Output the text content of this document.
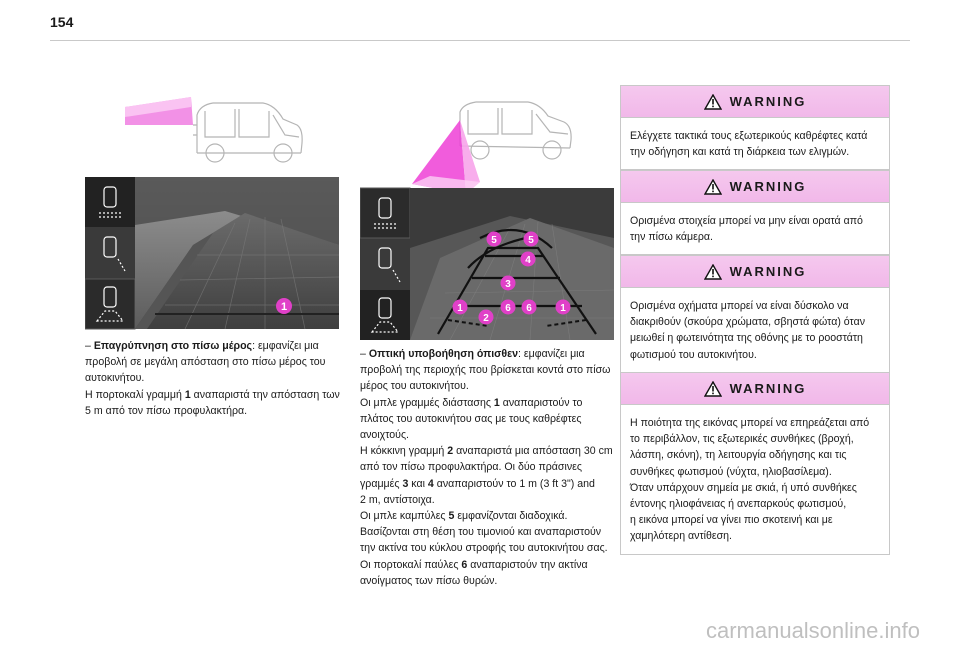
154
1

– Επαγρύπνηση στο πίσω μέρος: εμφανίζει μια

προβολή σε μεγάλη απόσταση στο πίσω μέρος του

αυτοκινήτου.

Η πορτοκαλί γραμμή 1 αναπαριστά την απόσταση των

5 m από τον πίσω προφυλακτήρα.

5	5
4
3
1	6 6	1
2

– Οπτική υποβοήθηση όπισθεν: εμφανίζει μια

προβολή της περιοχής που βρίσκεται κοντά στο πίσω

μέρος του αυτοκινήτου.

Οι μπλε γραμμές διάστασης 1 αναπαριστούν το

πλάτος του αυτοκινήτου σας με τους καθρέφτες

ανοιχτούς.

Η κόκκινη γραμμή 2 αναπαριστά μια απόσταση 30 cm

από τον πίσω προφυλακτήρα. Οι δύο πράσινες

γραμμές 3 και 4 αναπαριστούν το 1 m (3 ft 3") and

2 m, αντίστοιχα.

Οι μπλε καμπύλες 5 εμφανίζονται διαδοχικά.

Βασίζονται στη θέση του τιμονιού και αναπαριστούν

την ακτίνα του κύκλου στροφής του αυτοκινήτου σας.

Οι πορτοκαλί παύλες 6 αναπαριστούν την ακτίνα

ανοίγματος των πίσω θυρών.

WARNING

Ελέγχετε τακτικά τους εξωτερικούς καθρέφτες κατά

την οδήγηση και κατά τη διάρκεια των ελιγμών.

WARNING

Ορισμένα στοιχεία μπορεί να μην είναι ορατά από

την πίσω κάμερα.

WARNING

Ορισμένα οχήματα μπορεί να είναι δύσκολο να

διακριθούν (σκούρα χρώματα, σβηστά φώτα) όταν

μειωθεί η φωτεινότητα της οθόνης με το ροοστάτη

φωτισμού του αυτοκινήτου.

WARNING

Η ποιότητα της εικόνας μπορεί να επηρεάζεται από

το περιβάλλον, τις εξωτερικές συνθήκες (βροχή,

λάσπη, σκόνη), τη λειτουργία οδήγησης και τις

συνθήκες φωτισμού (νύχτα, ηλιοβασίλεμα).

Όταν υπάρχουν σημεία με σκιά, ή υπό συνθήκες

έντονης ηλιοφάνειας ή ανεπαρκούς φωτισμού,

η εικόνα μπορεί να γίνει πιο σκοτεινή και με

χαμηλότερη αντίθεση.

carmanualsonline.info
